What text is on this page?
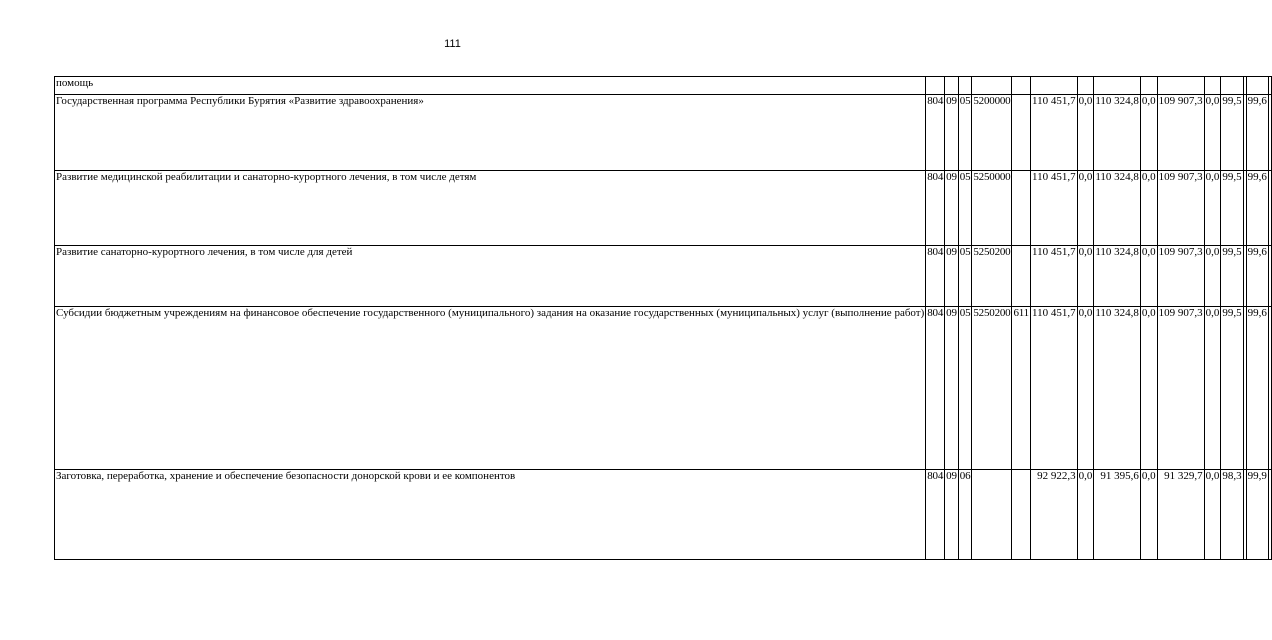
111
помощь															
Государственная программа Республики Бурятия «Развитие здравоохранения»	804	09	05	5200000		110 451,7	0,0	110 324,8	0,0	109 907,3	0,0	99,5		99,6	
Развитие медицинской реабилитации и санаторно-курортного лечения, в том числе детям	804	09	05	5250000		110 451,7	0,0	110 324,8	0,0	109 907,3	0,0	99,5		99,6	
Развитие санаторно-курортного лечения, в том числе для детей	804	09	05	5250200		110 451,7	0,0	110 324,8	0,0	109 907,3	0,0	99,5		99,6	
Субсидии бюджетным учреждениям на финансовое обеспечение государственного (муниципального) задания на оказание государственных (муниципальных) услуг (выполнение работ)	804	09	05	5250200	611	110 451,7	0,0	110 324,8	0,0	109 907,3	0,0	99,5		99,6	
Заготовка, переработка, хранение и обеспечение безопасности донорской крови и ее компонентов	804	09	06			92 922,3	0,0	91 395,6	0,0	91 329,7	0,0	98,3		99,9	
